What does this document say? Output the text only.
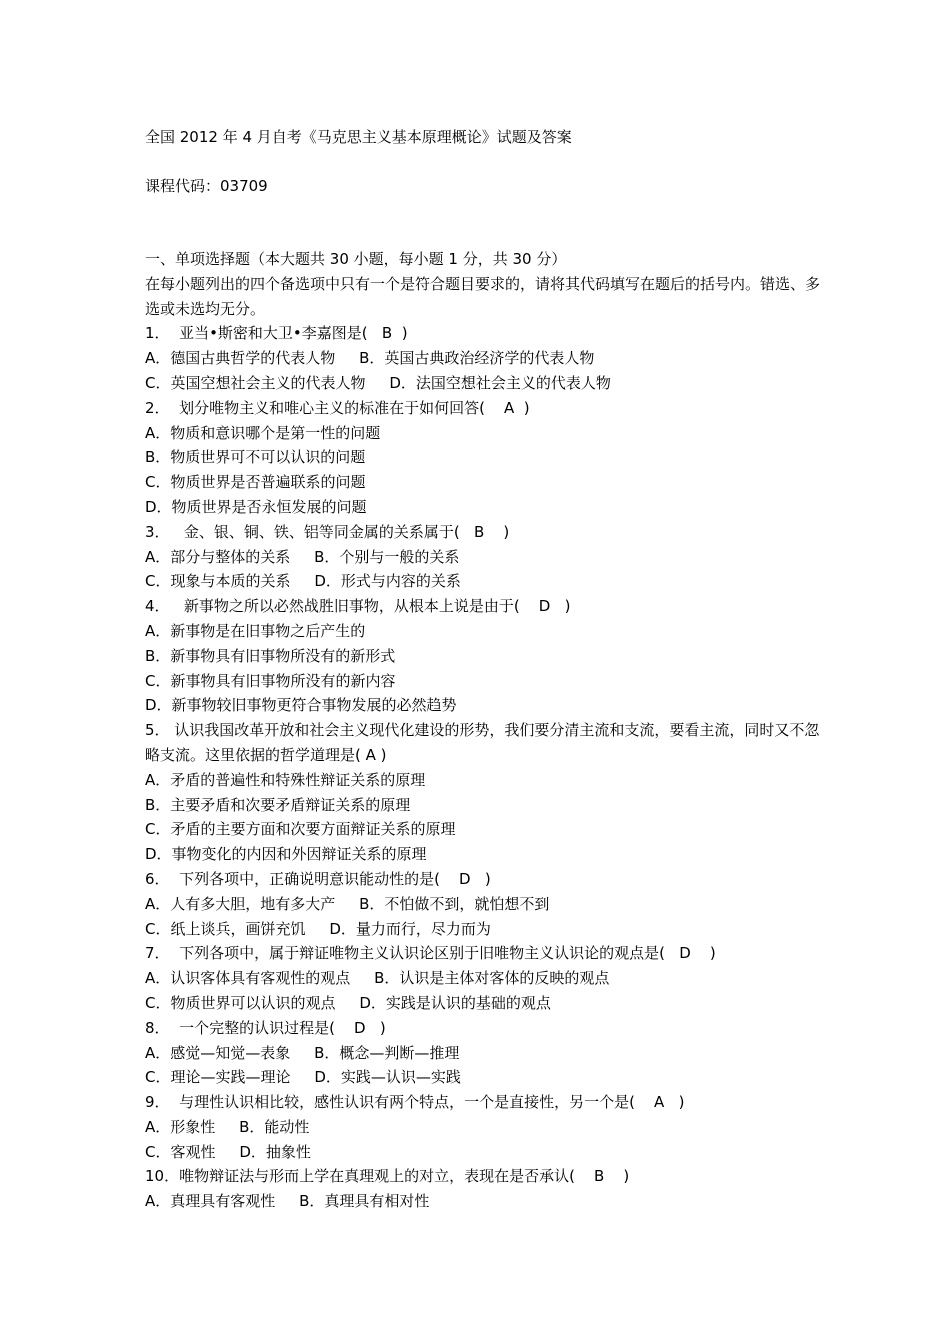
全国 2012 年 4 月自考《马克思主义基本原理概论》试题及答案
课程代码：03709
一、单项选择题（本大题共 30 小题，每小题 1 分，共 30 分）
在每小题列出的四个备选项中只有一个是符合题目要求的，请将其代码填写在题后的括号内。错选、多选或未选均无分。
1．  亚当•斯密和大卫•李嘉图是(   B  )
A．德国古典哲学的代表人物     B．英国古典政治经济学的代表人物
C．英国空想社会主义的代表人物     D．法国空想社会主义的代表人物
2．  划分唯物主义和唯心主义的标准在于如何回答(    A  )
A．物质和意识哪个是第一性的问题
B．物质世界可不可以认识的问题
C．物质世界是否普遍联系的问题
D．物质世界是否永恒发展的问题
3．   金、银、铜、铁、铝等同金属的关系属于(   B    )
A．部分与整体的关系     B．个别与一般的关系
C．现象与本质的关系     D．形式与内容的关系
4．   新事物之所以必然战胜旧事物，从根本上说是由于(    D   )
A．新事物是在旧事物之后产生的
B．新事物具有旧事物所没有的新形式
C．新事物具有旧事物所没有的新内容
D．新事物较旧事物更符合事物发展的必然趋势
5． 认识我国改革开放和社会主义现代化建设的形势，我们要分清主流和支流，要看主流，同时又不忽略支流。这里依据的哲学道理是( A )
A．矛盾的普遍性和特殊性辩证关系的原理
B．主要矛盾和次要矛盾辩证关系的原理
C．矛盾的主要方面和次要方面辩证关系的原理
D．事物变化的内因和外因辩证关系的原理
6．  下列各项中，正确说明意识能动性的是(    D   )
A．人有多大胆，地有多大产     B．不怕做不到，就怕想不到
C．纸上谈兵，画饼充饥     D．量力而行，尽力而为
7．  下列各项中，属于辩证唯物主义认识论区别于旧唯物主义认识论的观点是(   D    )
A．认识客体具有客观性的观点     B．认识是主体对客体的反映的观点
C．物质世界可以认识的观点     D．实践是认识的基础的观点
8．  一个完整的认识过程是(    D   )
A．感觉—知觉—表象     B．概念—判断—推理
C．理论—实践—理论     D．实践—认识—实践
9．  与理性认识相比较，感性认识有两个特点，一个是直接性，另一个是(    A   )
A．形象性     B．能动性
C．客观性     D．抽象性
10．唯物辩证法与形而上学在真理观上的对立，表现在是否承认(    B    )
A．真理具有客观性     B．真理具有相对性
